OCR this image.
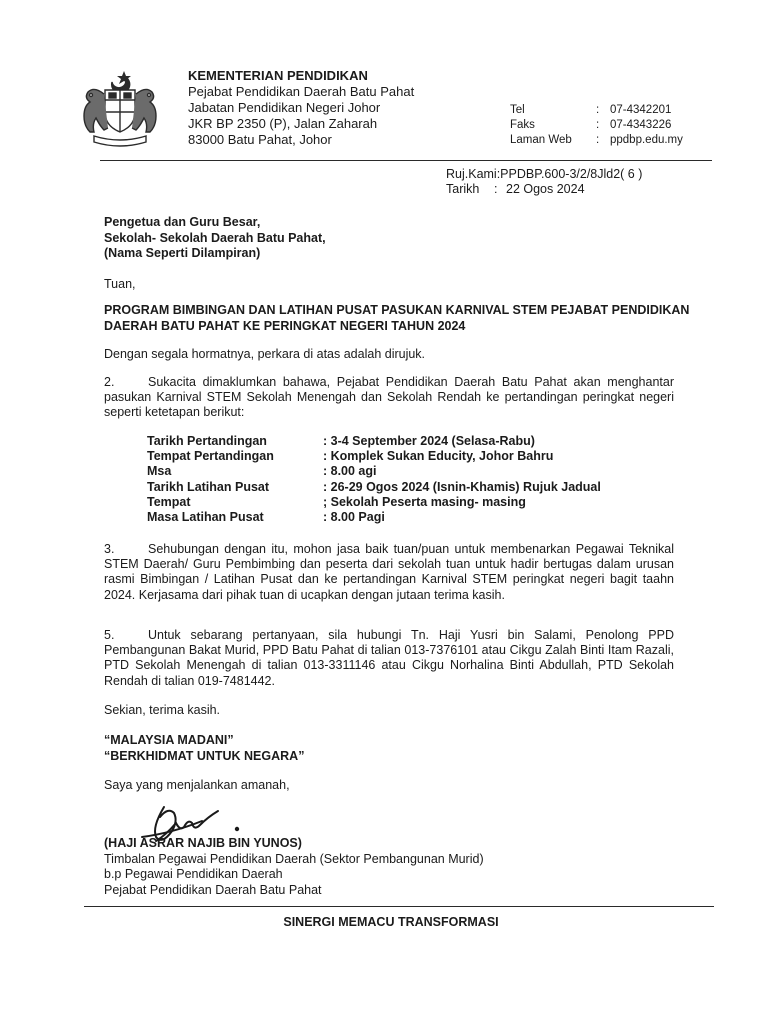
KEMENTERIAN PENDIDIKAN
Pejabat Pendidikan Daerah Batu Pahat
Jabatan Pendidikan Negeri Johor
JKR BP 2350 (P), Jalan Zaharah
83000 Batu Pahat, Johor
Tel	: 07-4342201
Faks	: 07-4343226
Laman Web	: ppdbp.edu.my
Ruj.Kami:PPDBP.600-3/2/8Jld2( 6 )
Tarikh	: 22 Ogos 2024
Pengetua dan Guru Besar,
Sekolah- Sekolah Daerah Batu Pahat,
(Nama Seperti Dilampiran)
Tuan,
PROGRAM BIMBINGAN DAN LATIHAN PUSAT PASUKAN KARNIVAL STEM PEJABAT PENDIDIKAN DAERAH BATU PAHAT KE PERINGKAT NEGERI TAHUN 2024
Dengan segala hormatnya, perkara di atas adalah dirujuk.
2.	Sukacita dimaklumkan bahawa, Pejabat Pendidikan Daerah Batu Pahat akan menghantar pasukan Karnival STEM Sekolah Menengah dan Sekolah Rendah ke pertandingan peringkat negeri seperti ketetapan berikut:
Tarikh Pertandingan	: 3-4 September 2024 (Selasa-Rabu)
Tempat Pertandingan	: Komplek Sukan Educity, Johor Bahru
Msa	: 8.00 agi
Tarikh Latihan Pusat	: 26-29 Ogos 2024 (Isnin-Khamis) Rujuk Jadual
Tempat	; Sekolah Peserta masing- masing
Masa Latihan Pusat	: 8.00 Pagi
3.	Sehubungan dengan itu, mohon jasa baik tuan/puan untuk membenarkan Pegawai Teknikal STEM Daerah/ Guru Pembimbing dan peserta dari sekolah tuan untuk hadir bertugas dalam urusan rasmi Bimbingan / Latihan Pusat dan ke pertandingan Karnival STEM peringkat negeri bagit taahn 2024. Kerjasama dari pihak tuan di ucapkan dengan jutaan terima kasih.
5.	Untuk sebarang pertanyaan, sila hubungi Tn. Haji Yusri bin Salami, Penolong PPD Pembangunan Bakat Murid, PPD Batu Pahat di talian 013-7376101 atau Cikgu Zalah Binti Itam Razali, PTD Sekolah Menengah di talian 013-3311146 atau Cikgu Norhalina Binti Abdullah, PTD Sekolah Rendah di talian 019-7481442.
Sekian, terima kasih.
“MALAYSIA MADANI”
“BERKHIDMAT UNTUK NEGARA”
Saya yang menjalankan amanah,
(HAJI ASRAR NAJIB BIN YUNOS)
Timbalan Pegawai Pendidikan Daerah (Sektor Pembangunan Murid)
b.p Pegawai Pendidikan Daerah
Pejabat Pendidikan Daerah Batu Pahat
SINERGI MEMACU TRANSFORMASI
